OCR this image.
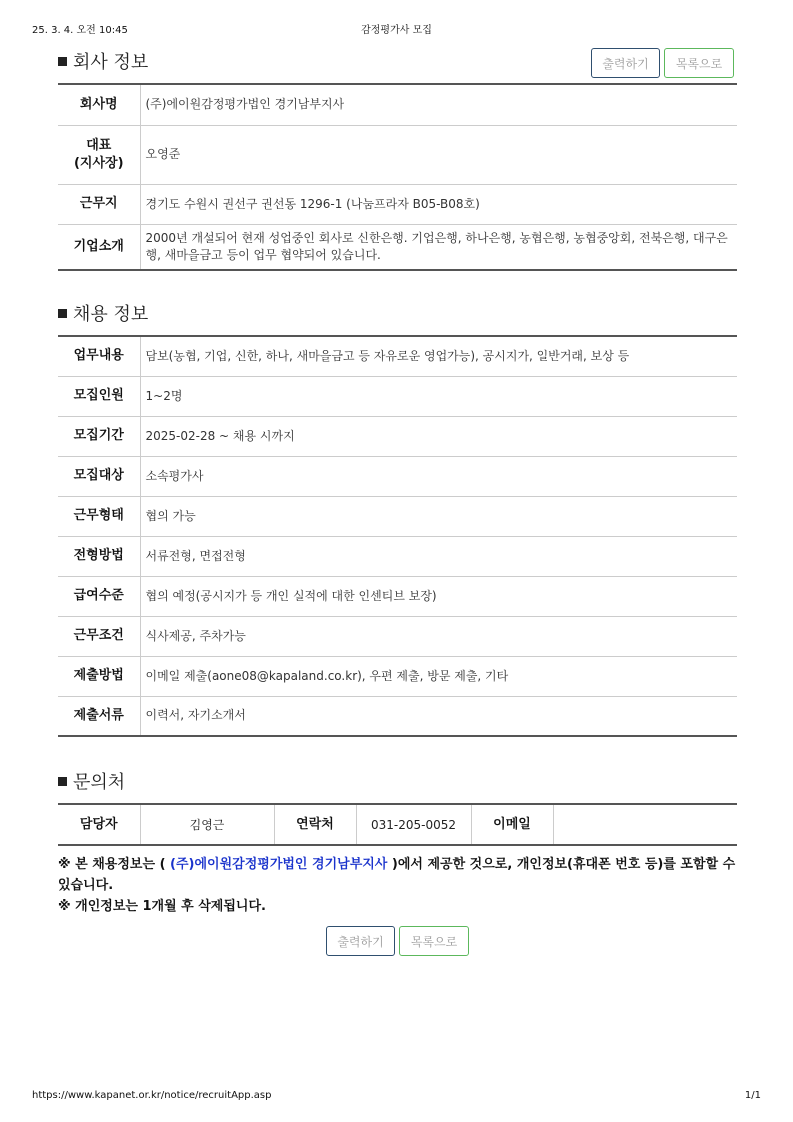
25. 3. 4. 오전 10:45	감정평가사 모집
회사 정보	출력하기	목록으로
회사명	(주)에이원감정평가법인 경기남부지사
대표
(지사장)	오영준
근무지	경기도 수원시 권선구 권선동 1296-1 (나눔프라자 B05-B08호)
기업소개	2000년 개설되어 현재 성업중인 회사로 신한은행. 기업은행, 하나은행, 농협은행, 농협중앙회, 전북은행, 대구은행, 새마을금고 등이 업무 협약되어 있습니다.
채용 정보
업무내용	담보(농협, 기업, 신한, 하나, 새마을금고 등 자유로운 영업가능), 공시지가, 일반거래, 보상 등
모집인원	1~2명
모집기간	2025-02-28 ~ 채용 시까지
모집대상	소속평가사
근무형태	협의 가능
전형방법	서류전형, 면접전형
급여수준	협의 예정(공시지가 등 개인 실적에 대한 인센티브 보장)
근무조건	식사제공, 주차가능
제출방법	이메일 제출(aone08@kapaland.co.kr), 우편 제출, 방문 제출, 기타
제출서류	이력서, 자기소개서
문의처
담당자	김영근	연락처	031-205-0052	이메일	
※ 본 채용정보는 ( (주)에이원감정평가법인 경기남부지사 )에서 제공한 것으로, 개인정보(휴대폰 번호 등)를 포함할 수 있습니다.
※ 개인정보는 1개월 후 삭제됩니다.
출력하기	목록으로
https://www.kapanet.or.kr/notice/recruitApp.asp	1/1
